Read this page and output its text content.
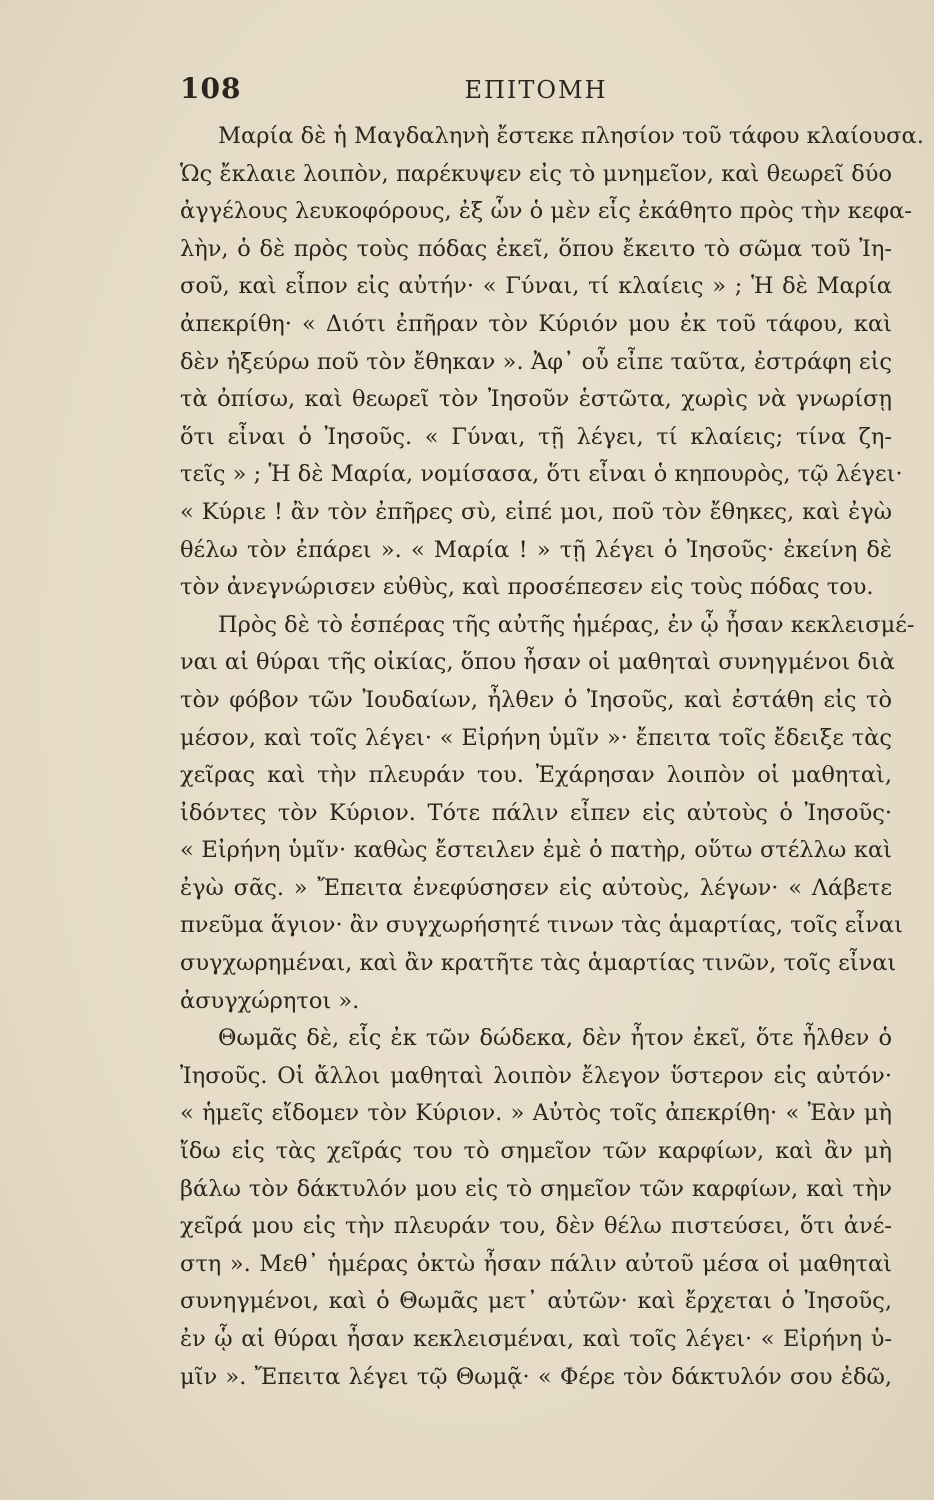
108	ΕΠΙΤΟΜΗ
Μαρία δὲ ἡ Μαγδαληνὴ ἔστεκε πλησίον τοῦ τάφου κλαίουσα.
Ὡς ἔκλαιε λοιπὸν, παρέκυψεν εἰς τὸ μνημεῖον, καὶ θεωρεῖ δύο
ἀγγέλους λευκοφόρους, ἐξ ὧν ὁ μὲν εἷς ἐκάθητο πρὸς τὴν κεφα-
λὴν, ὁ δὲ πρὸς τοὺς πόδας ἐκεῖ, ὅπου ἔκειτο τὸ σῶμα τοῦ Ἰη-
σοῦ, καὶ εἶπον εἰς αὐτήν· « Γύναι, τί κλαίεις » ; Ἡ δὲ Μαρία
ἀπεκρίθη· « Διότι ἐπῆραν τὸν Κύριόν μου ἐκ τοῦ τάφου, καὶ
δὲν ἠξεύρω ποῦ τὸν ἔθηκαν ». Ἀφ᾽ οὗ εἶπε ταῦτα, ἐστράφη εἰς
τὰ ὀπίσω, καὶ θεωρεῖ τὸν Ἰησοῦν ἑστῶτα, χωρὶς νὰ γνωρίσῃ
ὅτι εἶναι ὁ Ἰησοῦς. « Γύναι, τῇ λέγει, τί κλαίεις; τίνα ζη-
τεῖς » ; Ἡ δὲ Μαρία, νομίσασα, ὅτι εἶναι ὁ κηπουρὸς, τῷ λέγει·
« Κύριε ! ἂν τὸν ἐπῆρες σὺ, εἰπέ μοι, ποῦ τὸν ἔθηκες, καὶ ἐγὼ
θέλω τὸν ἐπάρει ». « Μαρία ! » τῇ λέγει ὁ Ἰησοῦς· ἐκείνη δὲ
τὸν ἀνεγνώρισεν εὐθὺς, καὶ προσέπεσεν εἰς τοὺς πόδας του.
Πρὸς δὲ τὸ ἑσπέρας τῆς αὐτῆς ἡμέρας, ἐν ᾧ ἦσαν κεκλεισμέ-
ναι αἱ θύραι τῆς οἰκίας, ὅπου ἦσαν οἱ μαθηταὶ συνηγμένοι διὰ
τὸν φόβον τῶν Ἰουδαίων, ἦλθεν ὁ Ἰησοῦς, καὶ ἐστάθη εἰς τὸ
μέσον, καὶ τοῖς λέγει· « Εἰρήνη ὑμῖν »· ἔπειτα τοῖς ἔδειξε τὰς
χεῖρας καὶ τὴν πλευράν του. Ἐχάρησαν λοιπὸν οἱ μαθηταὶ,
ἰδόντες τὸν Κύριον. Τότε πάλιν εἶπεν εἰς αὐτοὺς ὁ Ἰησοῦς·
« Εἰρήνη ὑμῖν· καθὼς ἔστειλεν ἐμὲ ὁ πατὴρ, οὕτω στέλλω καὶ
ἐγὼ σᾶς. » Ἔπειτα ἐνεφύσησεν εἰς αὐτοὺς, λέγων· « Λάβετε
πνεῦμα ἅγιον· ἂν συγχωρήσητέ τινων τὰς ἁμαρτίας, τοῖς εἶναι
συγχωρημέναι, καὶ ἂν κρατῆτε τὰς ἁμαρτίας τινῶν, τοῖς εἶναι
ἀσυγχώρητοι ».
Θωμᾶς δὲ, εἷς ἐκ τῶν δώδεκα, δὲν ἦτον ἐκεῖ, ὅτε ἦλθεν ὁ
Ἰησοῦς. Οἱ ἄλλοι μαθηταὶ λοιπὸν ἔλεγον ὕστερον εἰς αὐτόν·
« ἡμεῖς εἴδομεν τὸν Κύριον. » Αὐτὸς τοῖς ἀπεκρίθη· « Ἐὰν μὴ
ἴδω εἰς τὰς χεῖράς του τὸ σημεῖον τῶν καρφίων, καὶ ἂν μὴ
βάλω τὸν δάκτυλόν μου εἰς τὸ σημεῖον τῶν καρφίων, καὶ τὴν
χεῖρά μου εἰς τὴν πλευράν του, δὲν θέλω πιστεύσει, ὅτι ἀνέ-
στη ». Μεθ᾽ ἡμέρας ὀκτὼ ἦσαν πάλιν αὐτοῦ μέσα οἱ μαθηταὶ
συνηγμένοι, καὶ ὁ Θωμᾶς μετ᾽ αὐτῶν· καὶ ἔρχεται ὁ Ἰησοῦς,
ἐν ᾧ αἱ θύραι ἦσαν κεκλεισμέναι, καὶ τοῖς λέγει· « Εἰρήνη ὑ-
μῖν ». Ἔπειτα λέγει τῷ Θωμᾷ· « Φέρε τὸν δάκτυλόν σου ἐδῶ,
